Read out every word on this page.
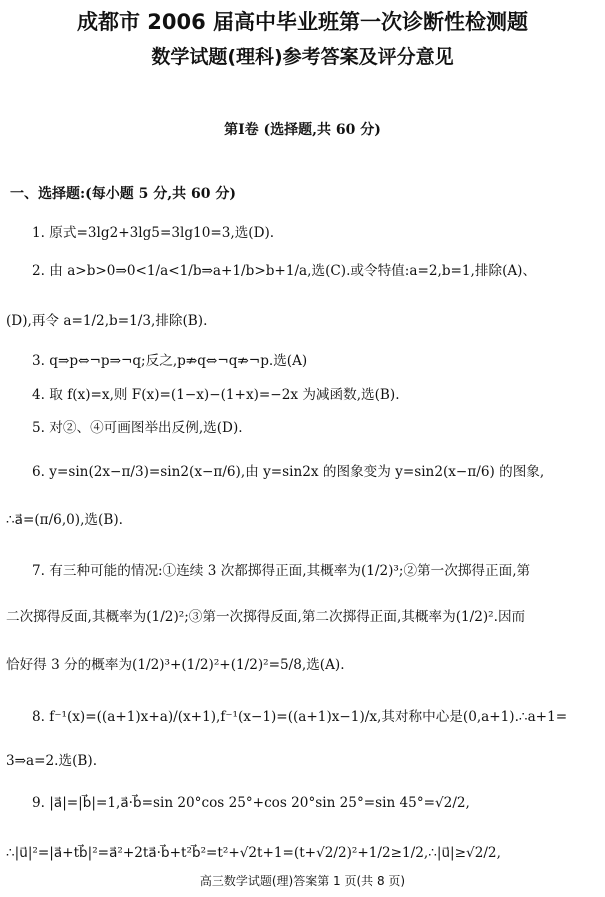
成都市 2006 届高中毕业班第一次诊断性检测题
数学试题(理科)参考答案及评分意见
第Ⅰ卷 (选择题,共 60 分)
一、选择题:(每小题 5 分,共 60 分)
1. 原式=3lg2+3lg5=3lg10=3,选(D).
2. 由 a>b>0⇒0<1/a<1/b⇒a+1/b>b+1/a,选(C).或令特值:a=2,b=1,排除(A)、
(D),再令 a=1/2,b=1/3,排除(B).
3. q⇒p⇔¬p⇒¬q;反之,p⇏q⇔¬q⇏¬p.选(A)
4. 取 f(x)=x,则 F(x)=(1−x)−(1+x)=−2x 为减函数,选(B).
5. 对②、④可画图举出反例,选(D).
6. y=sin(2x−π/3)=sin2(x−π/6),由 y=sin2x 的图象变为 y=sin2(x−π/6) 的图象,
∴a⃗=(π/6,0),选(B).
7. 有三种可能的情况:①连续 3 次都掷得正面,其概率为(1/2)³;②第一次掷得正面,第
二次掷得反面,其概率为(1/2)²;③第一次掷得反面,第二次掷得正面,其概率为(1/2)².因而
恰好得 3 分的概率为(1/2)³+(1/2)²+(1/2)²=5/8,选(A).
8. f⁻¹(x)=((a+1)x+a)/(x+1),f⁻¹(x−1)=((a+1)x−1)/x,其对称中心是(0,a+1).∴a+1=
3⇒a=2.选(B).
9. |a⃗|=|b⃗|=1,a⃗·b⃗=sin 20°cos 25°+cos 20°sin 25°=sin 45°=√2/2,
∴|u⃗|²=|a⃗+tb⃗|²=a⃗²+2ta⃗·b⃗+t²b⃗²=t²+√2t+1=(t+√2/2)²+1/2≥1/2,∴|u⃗|≥√2/2,
高三数学试题(理)答案第 1 页(共 8 页)
